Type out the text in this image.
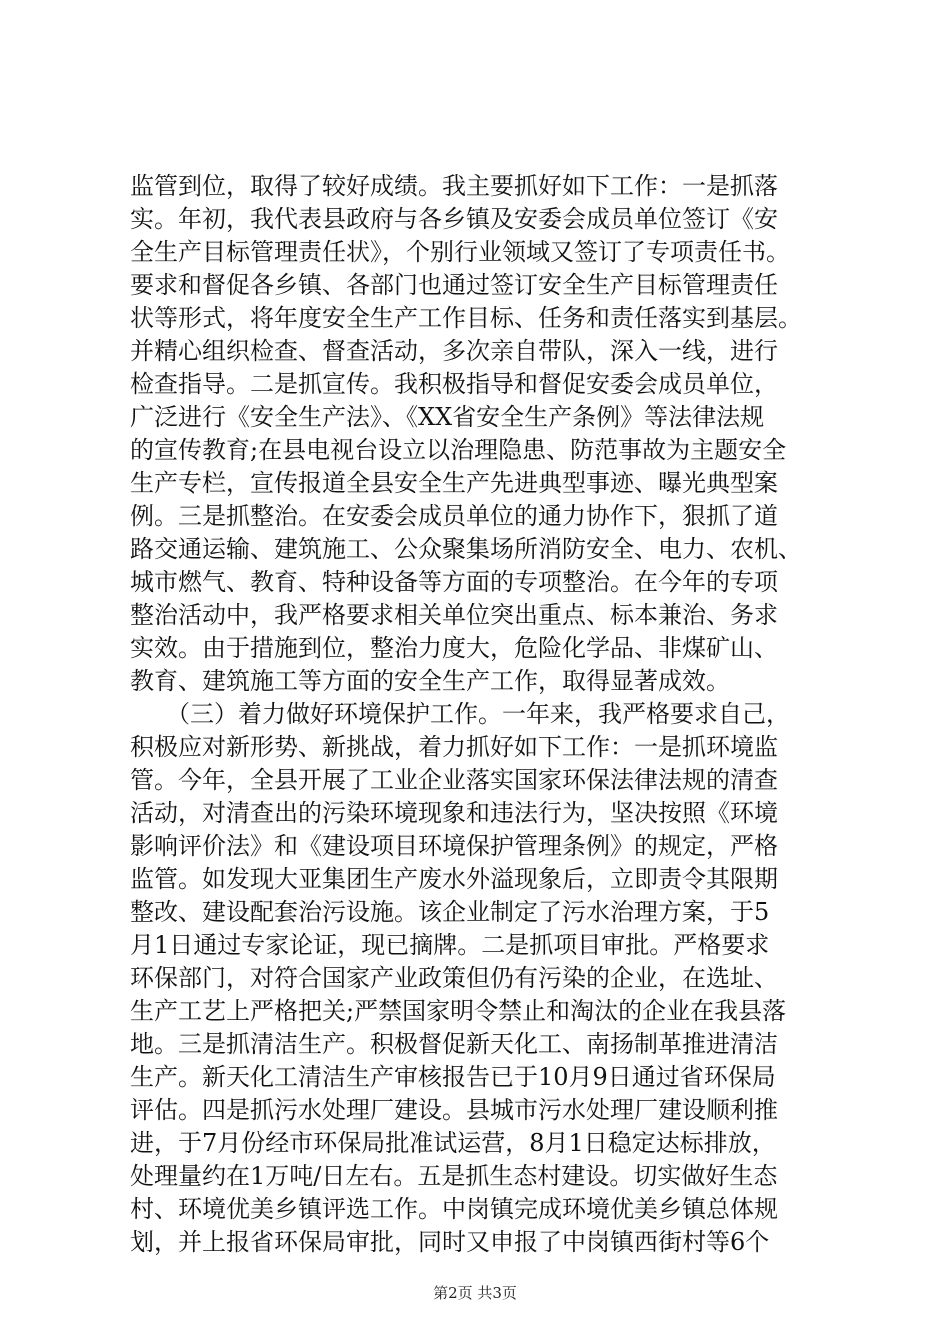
监管到位，取得了较好成绩。我主要抓好如下工作：一是抓落
实。年初，我代表县政府与各乡镇及安委会成员单位签订《安
全生产目标管理责任状》，个别行业领域又签订了专项责任书。
要求和督促各乡镇、各部门也通过签订安全生产目标管理责任
状等形式，将年度安全生产工作目标、任务和责任落实到基层。
并精心组织检查、督查活动，多次亲自带队，深入一线，进行
检查指导。二是抓宣传。我积极指导和督促安委会成员单位，
广泛进行《安全生产法》、《XX省安全生产条例》等法律法规
的宣传教育;在县电视台设立以治理隐患、防范事故为主题安全
生产专栏，宣传报道全县安全生产先进典型事迹、曝光典型案
例。三是抓整治。在安委会成员单位的通力协作下，狠抓了道
路交通运输、建筑施工、公众聚集场所消防安全、电力、农机、
城市燃气、教育、特种设备等方面的专项整治。在今年的专项
整治活动中，我严格要求相关单位突出重点、标本兼治、务求
实效。由于措施到位，整治力度大，危险化学品、非煤矿山、
教育、建筑施工等方面的安全生产工作，取得显著成效。
　　（三）着力做好环境保护工作。一年来，我严格要求自己，
积极应对新形势、新挑战，着力抓好如下工作：一是抓环境监
管。今年，全县开展了工业企业落实国家环保法律法规的清查
活动，对清查出的污染环境现象和违法行为，坚决按照《环境
影响评价法》和《建设项目环境保护管理条例》的规定，严格
监管。如发现大亚集团生产废水外溢现象后，立即责令其限期
整改、建设配套治污设施。该企业制定了污水治理方案，于5
月1日通过专家论证，现已摘牌。二是抓项目审批。严格要求
环保部门，对符合国家产业政策但仍有污染的企业，在选址、
生产工艺上严格把关;严禁国家明令禁止和淘汰的企业在我县落
地。三是抓清洁生产。积极督促新天化工、南扬制革推进清洁
生产。新天化工清洁生产审核报告已于10月9日通过省环保局
评估。四是抓污水处理厂建设。县城市污水处理厂建设顺利推
进，于7月份经市环保局批准试运营，8月1日稳定达标排放，
处理量约在1万吨/日左右。五是抓生态村建设。切实做好生态
村、环境优美乡镇评选工作。中岗镇完成环境优美乡镇总体规
划，并上报省环保局审批，同时又申报了中岗镇西街村等6个
第2页 共3页
